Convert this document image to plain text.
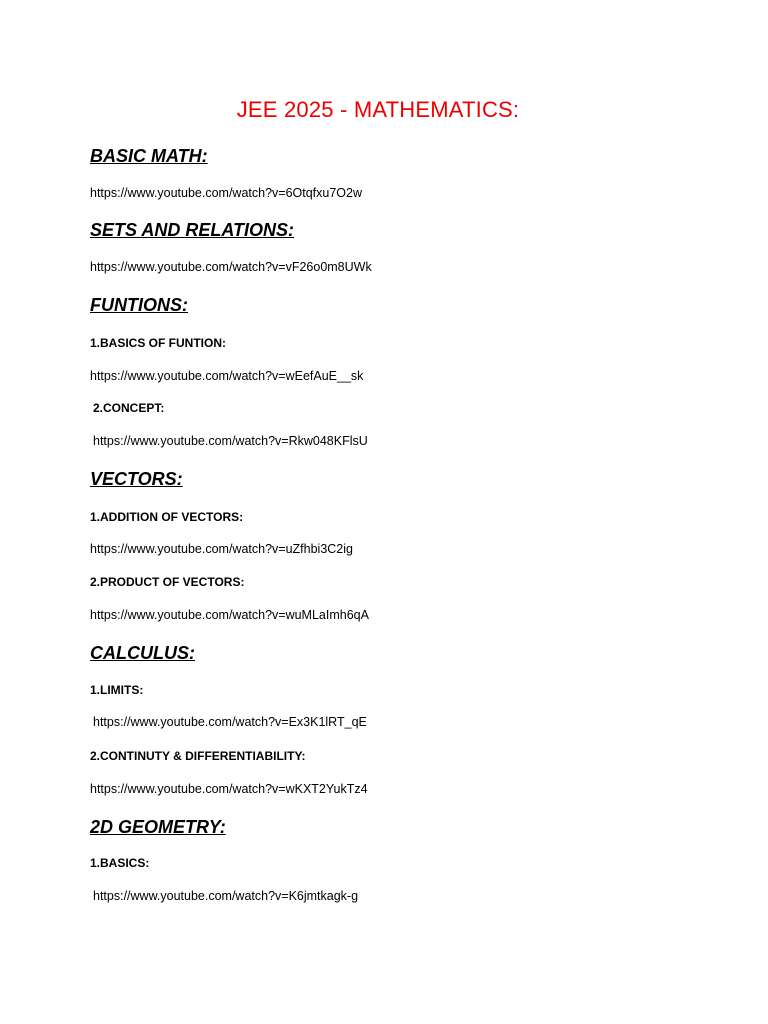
JEE 2025 - MATHEMATICS:
BASIC MATH:
https://www.youtube.com/watch?v=6Otqfxu7O2w
SETS AND RELATIONS:
https://www.youtube.com/watch?v=vF26o0m8UWk
FUNTIONS:

1.BASICS OF FUNTION:

https://www.youtube.com/watch?v=wEefAuE__sk

2.CONCEPT:

https://www.youtube.com/watch?v=Rkw048KFlsU
VECTORS:

1.ADDITION OF VECTORS:

https://www.youtube.com/watch?v=uZfhbi3C2ig

2.PRODUCT OF VECTORS:

https://www.youtube.com/watch?v=wuMLaImh6qA
CALCULUS:

1.LIMITS:

https://www.youtube.com/watch?v=Ex3K1lRT_qE

2.CONTINUTY & DIFFERENTIABILITY:

https://www.youtube.com/watch?v=wKXT2YukTz4
2D GEOMETRY:

1.BASICS:

https://www.youtube.com/watch?v=K6jmtkagk-g
